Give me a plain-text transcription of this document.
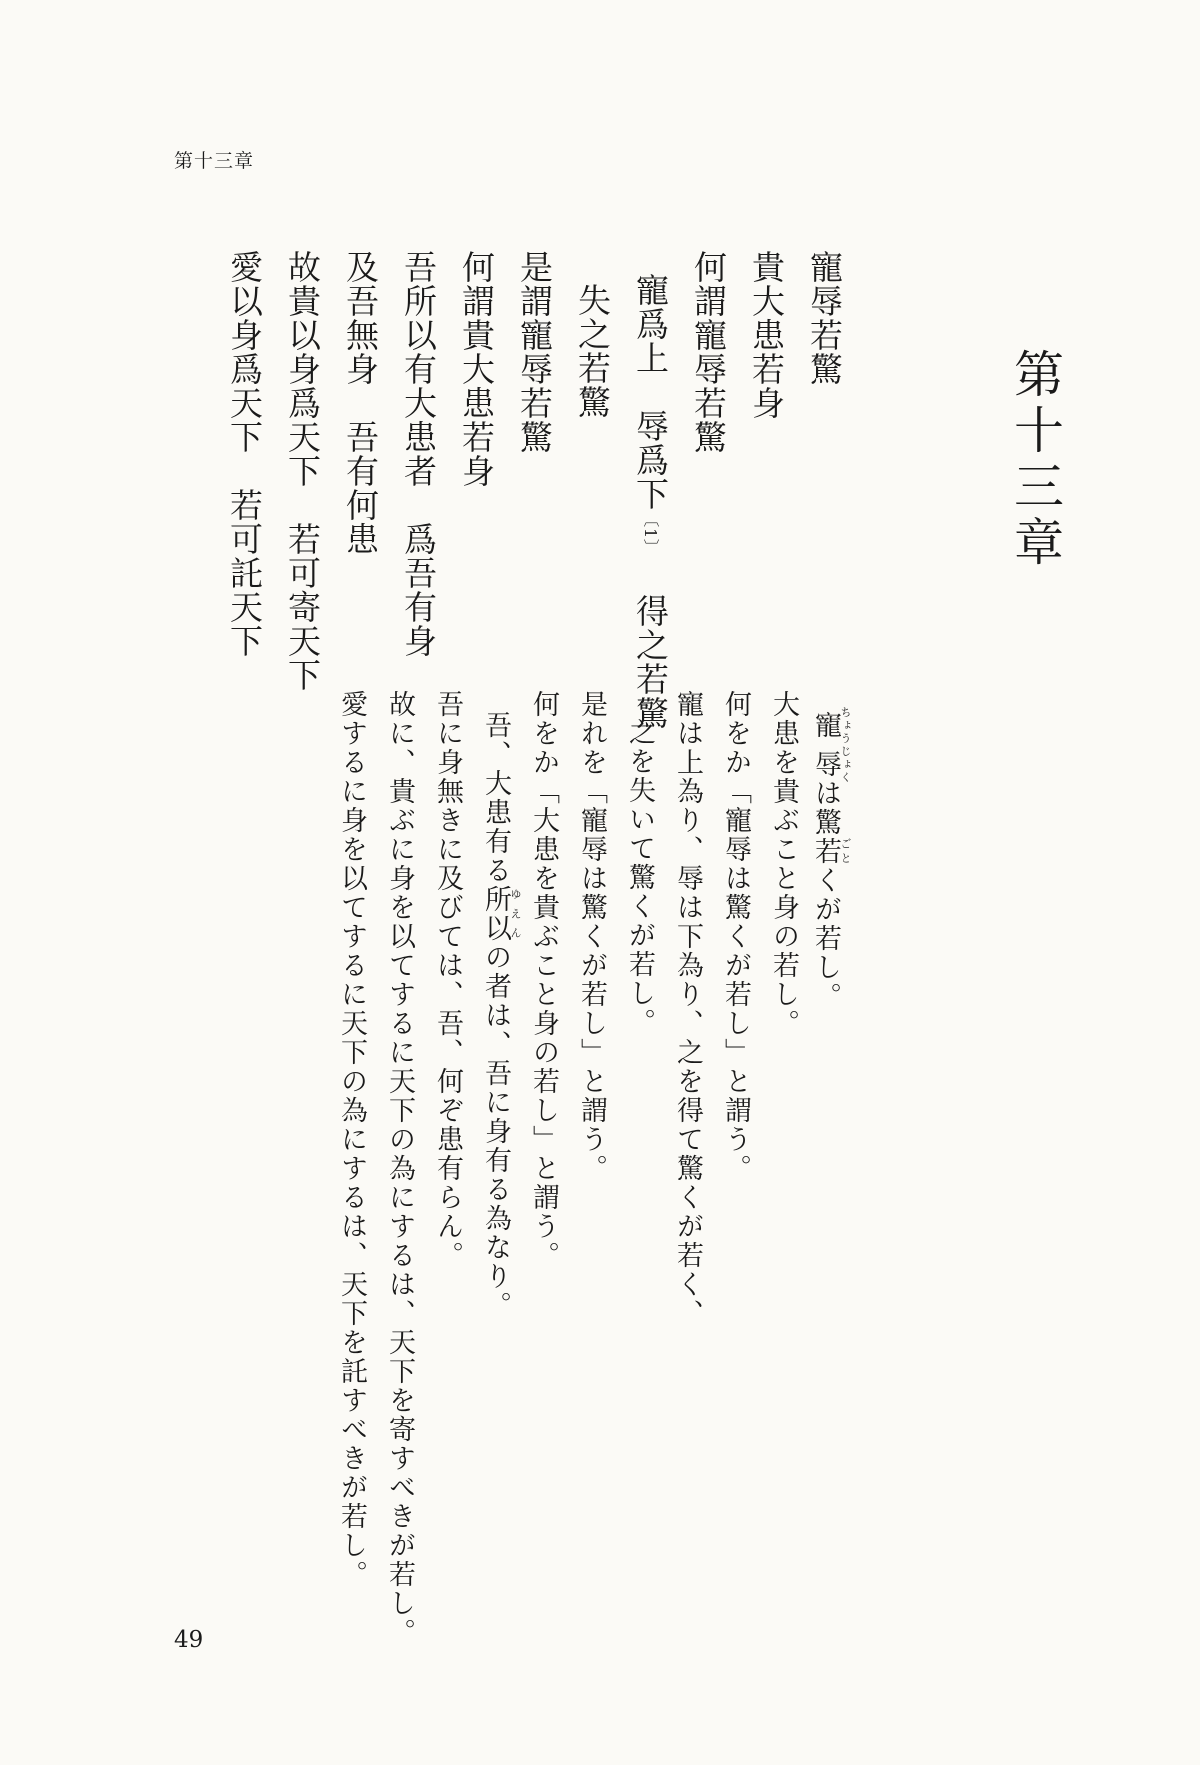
第十三章
第十三章
寵辱若驚
貴大患若身
何謂寵辱若驚

寵爲上　辱爲下〔1〕得之若驚

失之若驚
是謂寵辱若驚
何謂貴大患若身
吾所以有大患者　爲吾有身
及吾無身　吾有何患
故貴以身爲天下　若可寄天下
愛以身爲天下　若可託天下

寵辱ちょうじょくは驚若ごとくが若し。

大患を貴ぶこと身の若し。
何をか「寵辱は驚くが若し」と謂う。
寵は上為り、辱は下為り、之を得て驚くが若く、
之を失いて驚くが若し。
是れを「寵辱は驚くが若し」と謂う。
何をか「大患を貴ぶこと身の若し」と謂う。

吾、大患有る所以ゆえんの者は、吾に身有る為なり。

吾に身無きに及びては、吾、何ぞ患有らん。
故に、貴ぶに身を以てするに天下の為にするは、天下を寄すべきが若し。
愛するに身を以てするに天下の為にするは、天下を託すべきが若し。
49
